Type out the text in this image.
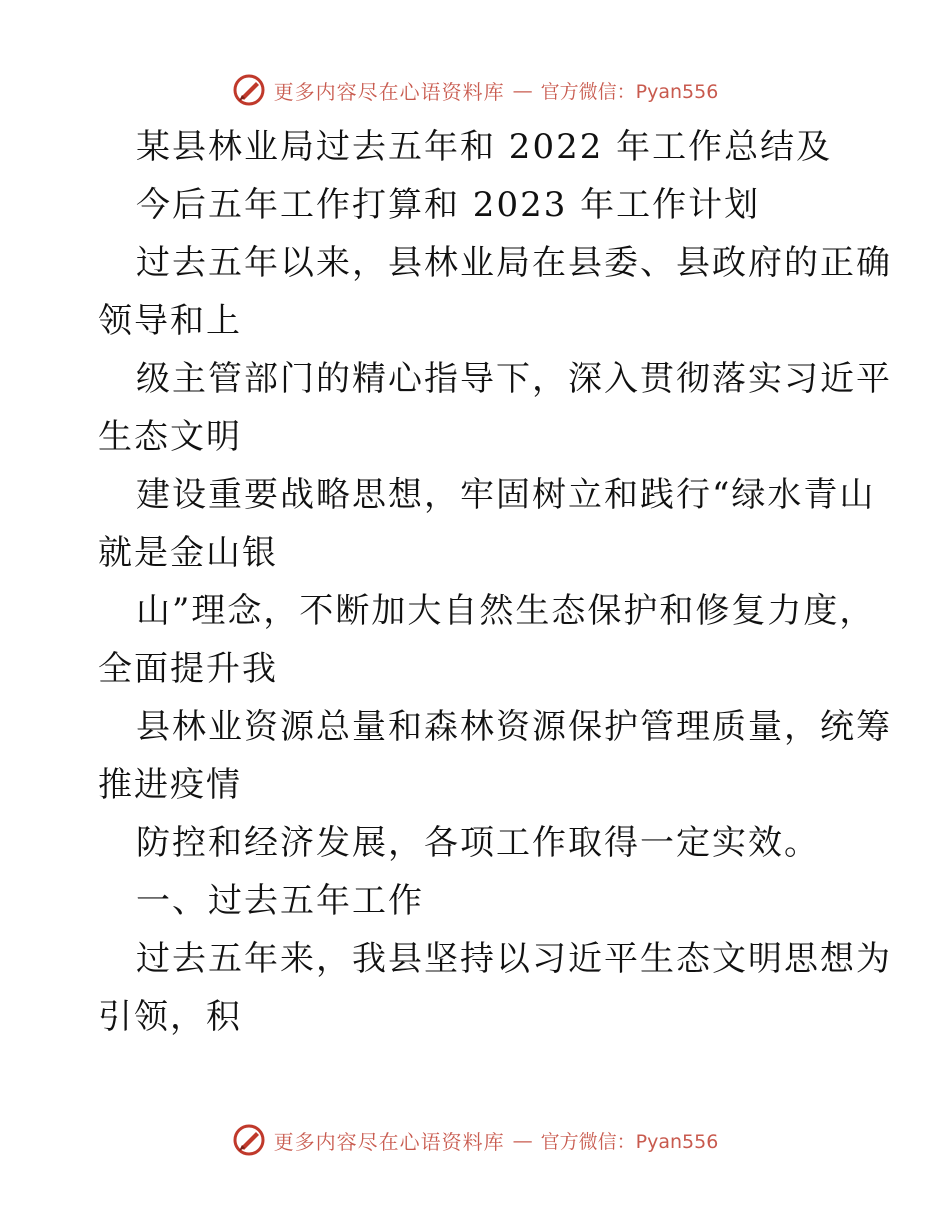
更多内容尽在心语资料库 — 官方微信：Pyan556
某县林业局过去五年和 2022 年工作总结及
今后五年工作打算和 2023 年工作计划
过去五年以来，县林业局在县委、县政府的正确
领导和上
级主管部门的精心指导下，深入贯彻落实习近平
生态文明
建设重要战略思想，牢固树立和践行“绿水青山
就是金山银
山”理念，不断加大自然生态保护和修复力度，
全面提升我
县林业资源总量和森林资源保护管理质量，统筹
推进疫情
防控和经济发展，各项工作取得一定实效。
一、过去五年工作
过去五年来，我县坚持以习近平生态文明思想为
引领，积
更多内容尽在心语资料库 — 官方微信：Pyan556
